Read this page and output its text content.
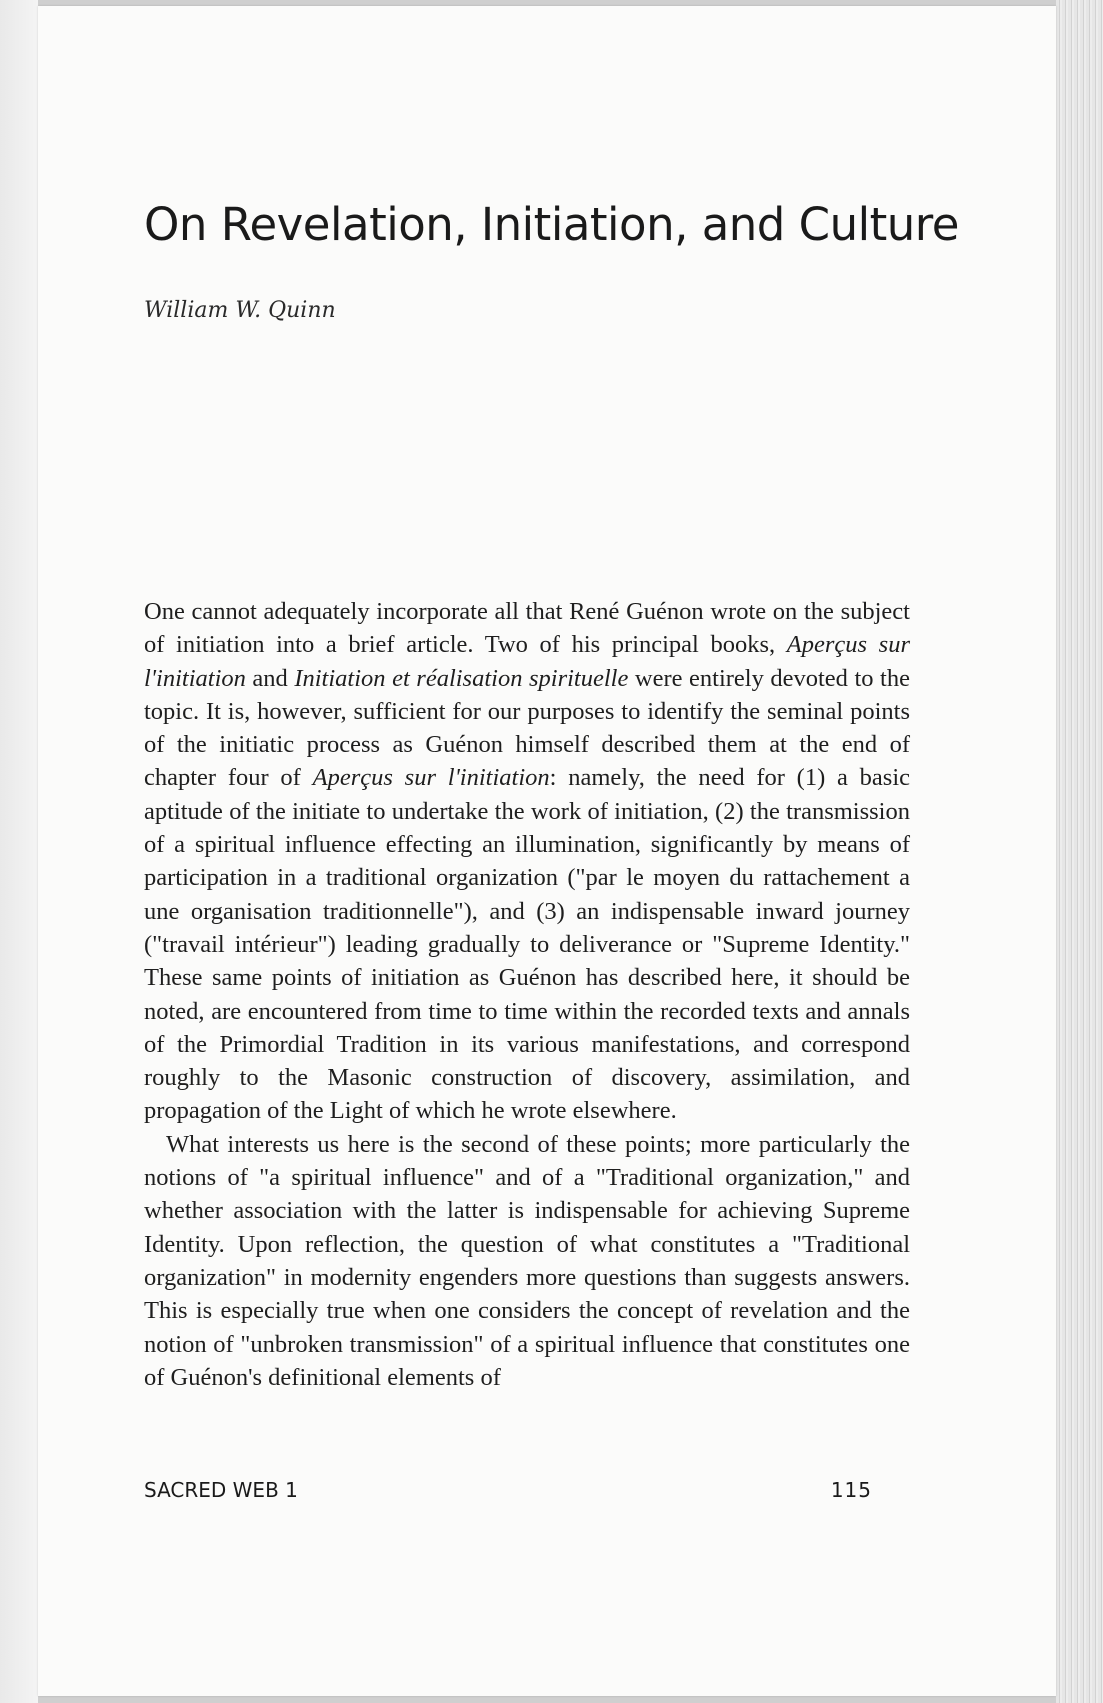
On Revelation, Initiation, and Culture
William W. Quinn

One cannot adequately incorporate all that René Guénon wrote on the subject of initiation into a brief article. Two of his principal books, Aperçus sur l'initiation and Initiation et réalisation spirituelle were entirely devoted to the topic. It is, however, sufficient for our purposes to identify the seminal points of the initiatic process as Guénon himself described them at the end of chapter four of Aperçus sur l'initiation: namely, the need for (1) a basic aptitude of the initiate to undertake the work of initiation, (2) the transmission of a spiritual influence effecting an illumination, significantly by means of participation in a traditional organization ("par le moyen du rattachement a une organisation traditionnelle"), and (3) an indispensable inward journey ("travail intérieur") leading gradually to deliverance or "Supreme Identity." These same points of initiation as Guénon has described here, it should be noted, are encountered from time to time within the recorded texts and annals of the Primordial Tradition in its various manifestations, and correspond roughly to the Masonic construction of discovery, assimilation, and propagation of the Light of which he wrote elsewhere.

What interests us here is the second of these points; more particularly the notions of "a spiritual influence" and of a "Traditional organization," and whether association with the latter is indispensable for achieving Supreme Identity. Upon reflection, the question of what constitutes a "Traditional organization" in modernity engenders more questions than suggests answers. This is especially true when one considers the concept of revelation and the notion of "unbroken transmission" of a spiritual influence that constitutes one of Guénon's definitional elements of

SACRED WEB 1	115
